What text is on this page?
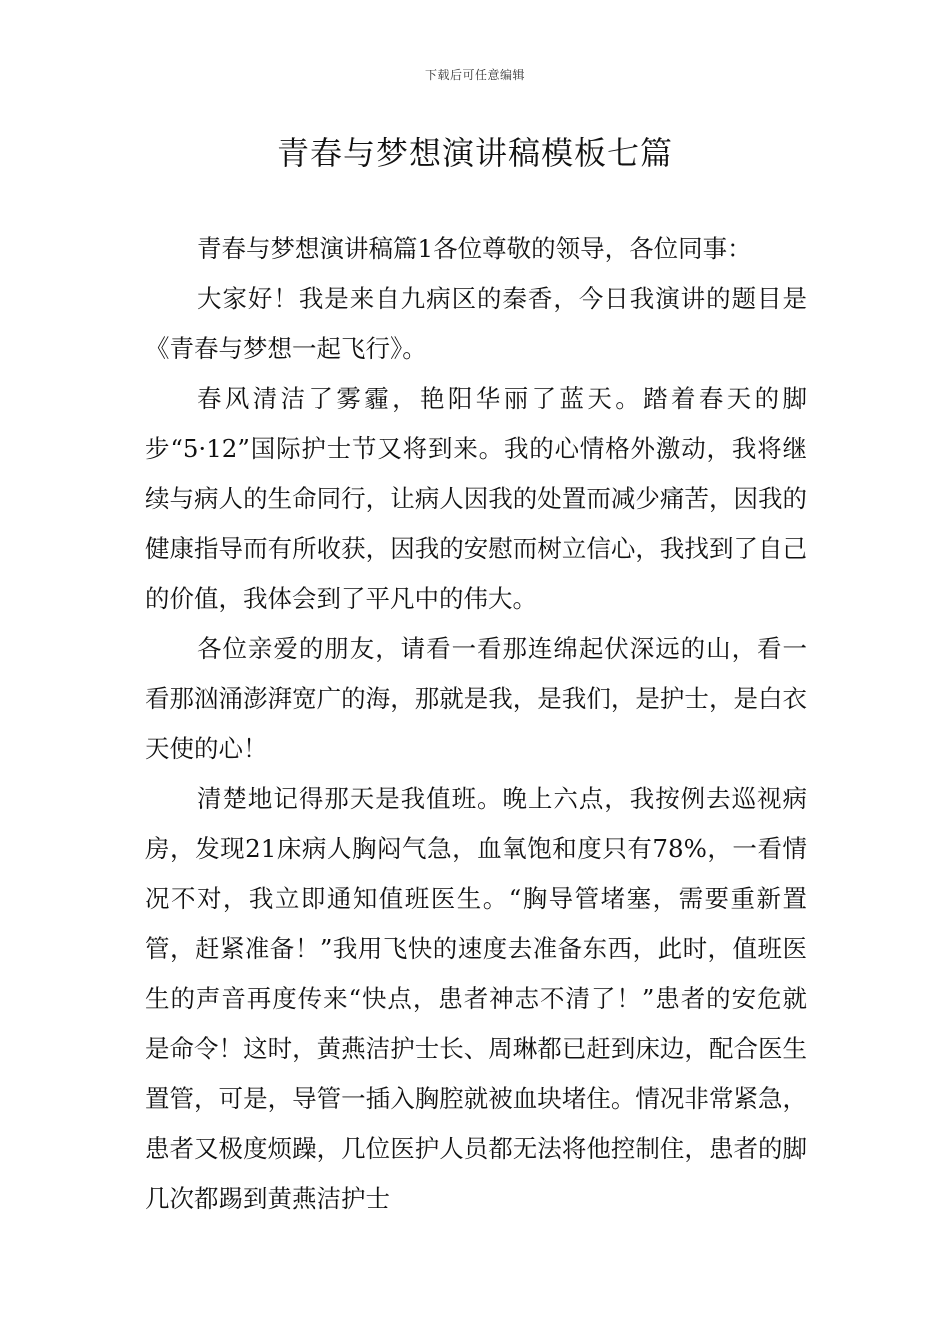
下载后可任意编辑
青春与梦想演讲稿模板七篇

青春与梦想演讲稿篇1各位尊敬的领导，各位同事：

大家好！我是来自九病区的秦香，今日我演讲的题目是《青春与梦想一起飞行》。

春风清洁了雾霾，艳阳华丽了蓝天。踏着春天的脚步“5·12”国际护士节又将到来。我的心情格外激动，我将继续与病人的生命同行，让病人因我的处置而减少痛苦，因我的健康指导而有所收获，因我的安慰而树立信心，我找到了自己的价值，我体会到了平凡中的伟大。

各位亲爱的朋友，请看一看那连绵起伏深远的山，看一看那汹涌澎湃宽广的海，那就是我，是我们，是护士，是白衣天使的心！

清楚地记得那天是我值班。晚上六点，我按例去巡视病房，发现21床病人胸闷气急，血氧饱和度只有78%，一看情况不对，我立即通知值班医生。“胸导管堵塞，需要重新置管，赶紧准备！”我用飞快的速度去准备东西，此时，值班医生的声音再度传来“快点，患者神志不清了！”患者的安危就是命令！这时，黄燕洁护士长、周琳都已赶到床边，配合医生置管，可是，导管一插入胸腔就被血块堵住。情况非常紧急，患者又极度烦躁，几位医护人员都无法将他控制住，患者的脚几次都踢到黄燕洁护士
